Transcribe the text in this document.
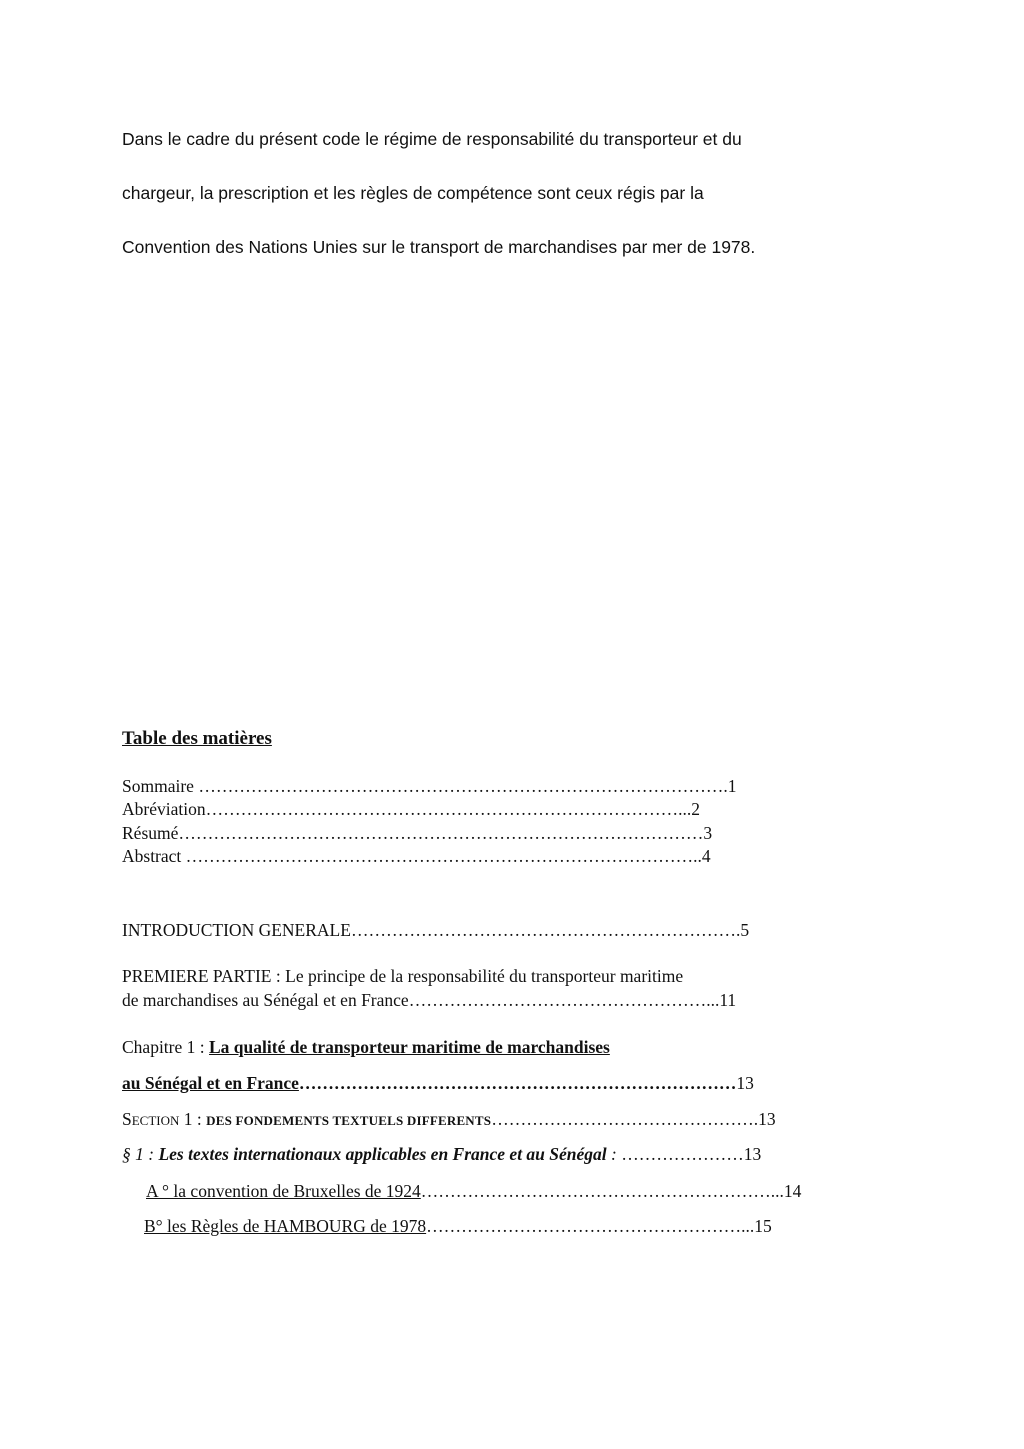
Dans le cadre du présent code le régime de responsabilité du transporteur et du
chargeur, la prescription et les règles de compétence sont ceux régis par la
Convention des Nations Unies sur le transport de marchandises par mer de 1978.
Table des matières
Sommaire ……………………………………………………………………………….1
Abréviation………………………………………………………………………...2
Résumé………………………………………………………………………………3
Abstract ……………………………………………………………………………..4
INTRODUCTION GENERALE………………………………………………………….5
PREMIERE PARTIE : Le principe de la responsabilité du transporteur maritime
de marchandises au Sénégal et en France……………………………………………...11
Chapitre 1 : La qualité de transporteur maritime de marchandises
au Sénégal et en France…………………………………………………………………13
SECTION 1 : DES FONDEMENTS TEXTUELS DIFFERENTS……………………………………….13
§ 1 : Les textes internationaux applicables en France et au Sénégal : …………………13
A ° la convention de Bruxelles de 1924……………………………………………………...14
B° les Règles de HAMBOURG de 1978………………………………………………...15
